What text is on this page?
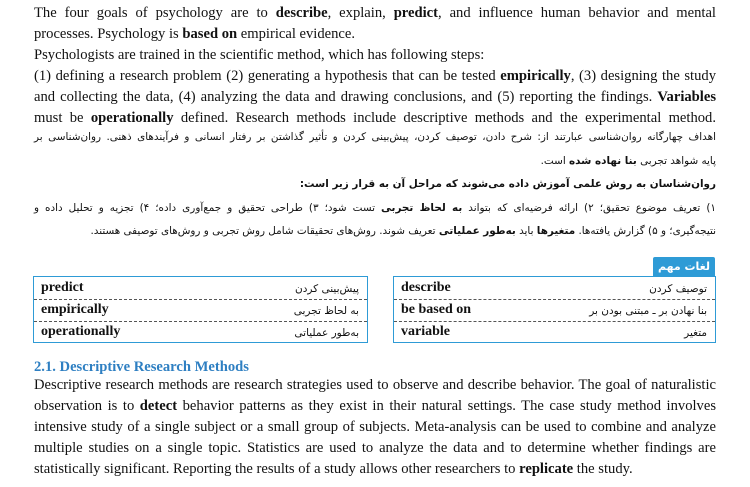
The four goals of psychology are to describe, explain, predict, and influence human behavior and mental
processes. Psychology is based on empirical evidence.
Psychologists are trained in the scientific method, which has following steps:
(1) defining a research problem (2) generating a hypothesis that can be tested empirically, (3) designing the study
and collecting the data, (4) analyzing the data and drawing conclusions, and (5) reporting the findings. Variables
must be operationally defined. Research methods include descriptive methods and the experimental method.
اهداف چهارگانه روان‌شناسی عبارتند از: شرح دادن، توصیف کردن، پیش‌بینی کردن و تأثیر گذاشتن بر رفتار انسانی و فرآیندهای ذهنی. روان‌شناسی بر
پایه شواهد تجربی بنا نهاده شده است.
روان‌شناسان به روش علمی آموزش داده می‌شوند که مراحل آن به قرار زیر است:
۱) تعریف موضوع تحقیق؛ ۲) ارائه فرضیه‌ای که بتواند به لحاظ تجربی تست شود؛ ۳) طراحی تحقیق و جمع‌آوری داده؛ ۴) تجزیه و تحلیل داده و
نتیجه‌گیری؛ و ۵) گزارش یافته‌ها. متغیرها باید به‌طور عملیاتی تعریف شوند. روش‌های تحقیقات شامل روش تجربی و روش‌های توصیفی هستند.
لغات مهم
predict	پیش‌بینی کردن
empirically	به لحاظ تجربی
operationally	به‌طور عملیاتی
describe	توصیف کردن
be based on	بنا نهادن بر ـ مبتنی بودن بر
variable	متغیر
2.1. Descriptive Research Methods
Descriptive research methods are research strategies used to observe and describe behavior. The goal of naturalistic
observation is to detect behavior patterns as they exist in their natural settings. The case study method involves
intensive study of a single subject or a small group of subjects. Meta-analysis can be used to combine and analyze
multiple studies on a single topic. Statistics are used to analyze the data and to determine whether findings are
statistically significant. Reporting the results of a study allows other researchers to replicate the study.
